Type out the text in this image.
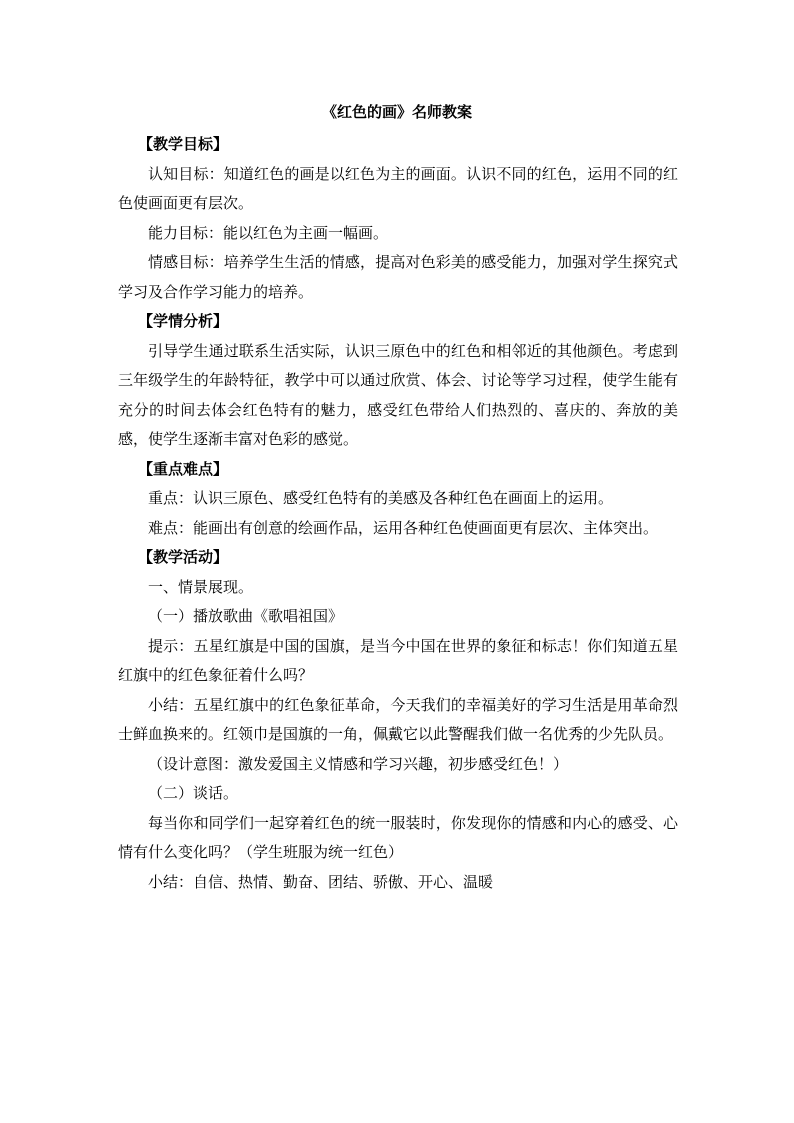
《红色的画》名师教案

【教学目标】

认知目标：知道红色的画是以红色为主的画面。认识不同的红色，运用不同的红色使画面更有层次。

能力目标：能以红色为主画一幅画。

情感目标：培养学生生活的情感，提高对色彩美的感受能力，加强对学生探究式学习及合作学习能力的培养。

【学情分析】

引导学生通过联系生活实际，认识三原色中的红色和相邻近的其他颜色。考虑到三年级学生的年龄特征，教学中可以通过欣赏、体会、讨论等学习过程，使学生能有充分的时间去体会红色特有的魅力，感受红色带给人们热烈的、喜庆的、奔放的美感，使学生逐渐丰富对色彩的感觉。

【重点难点】

重点：认识三原色、感受红色特有的美感及各种红色在画面上的运用。

难点：能画出有创意的绘画作品，运用各种红色使画面更有层次、主体突出。

【教学活动】

一、情景展现。

（一）播放歌曲《歌唱祖国》

提示：五星红旗是中国的国旗，是当今中国在世界的象征和标志！你们知道五星红旗中的红色象征着什么吗？

小结：五星红旗中的红色象征革命，今天我们的幸福美好的学习生活是用革命烈士鲜血换来的。红领巾是国旗的一角，佩戴它以此警醒我们做一名优秀的少先队员。

（设计意图：激发爱国主义情感和学习兴趣，初步感受红色！）

（二）谈话。

每当你和同学们一起穿着红色的统一服装时，你发现你的情感和内心的感受、心情有什么变化吗？（学生班服为统一红色）

小结：自信、热情、勤奋、团结、骄傲、开心、温暖
